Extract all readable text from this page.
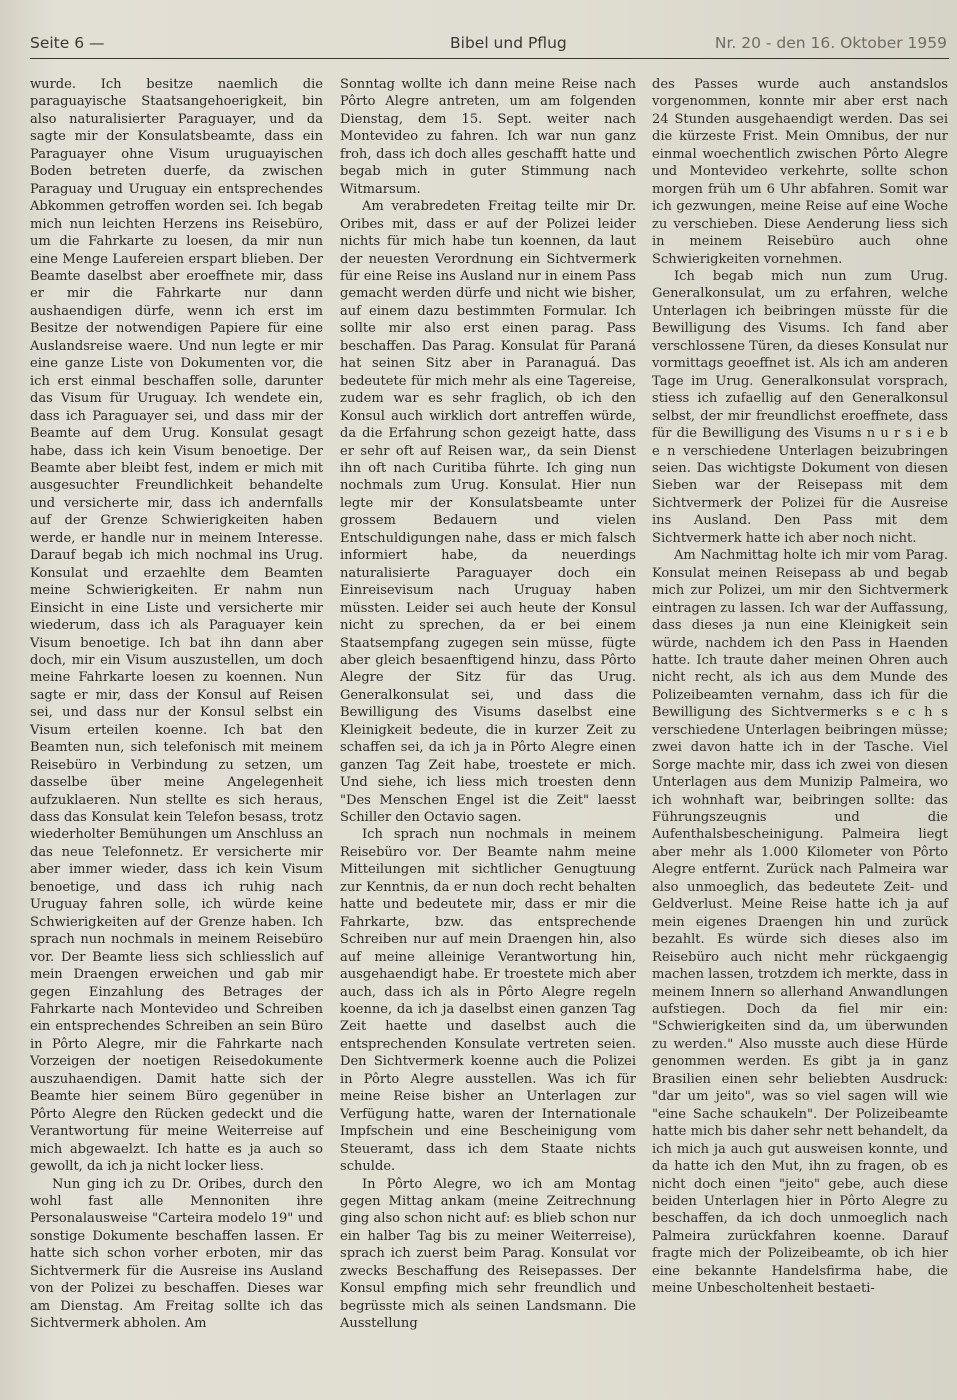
Seite 6 —	Bibel und Pflug	Nr. 20 - den 16. Oktober 1959

wurde. Ich besitze naemlich die paraguayische Staatsangehoerigkeit, bin also naturalisierter Paraguayer, und da sagte mir der Konsulatsbeamte, dass ein Paraguayer ohne Visum uruguayischen Boden betreten duerfe, da zwischen Paraguay und Uruguay ein entsprechendes Abkommen getroffen worden sei. Ich begab mich nun leichten Herzens ins Reisebüro, um die Fahrkarte zu loesen, da mir nun eine Menge Laufereien erspart blieben. Der Beamte daselbst aber eroeffnete mir, dass er mir die Fahrkarte nur dann aushaendigen dürfe, wenn ich erst im Besitze der notwendigen Papiere für eine Auslandsreise waere. Und nun legte er mir eine ganze Liste von Dokumenten vor, die ich erst einmal beschaffen solle, darunter das Visum für Uruguay. Ich wendete ein, dass ich Paraguayer sei, und dass mir der Beamte auf dem Urug. Konsulat gesagt habe, dass ich kein Visum benoetige. Der Beamte aber bleibt fest, indem er mich mit ausgesuchter Freundlichkeit behandelte und versicherte mir, dass ich andernfalls auf der Grenze Schwierigkeiten haben werde, er handle nur in meinem Interesse. Darauf begab ich mich nochmal ins Urug. Konsulat und erzaehlte dem Beamten meine Schwierigkeiten. Er nahm nun Einsicht in eine Liste und versicherte mir wiederum, dass ich als Paraguayer kein Visum benoetige. Ich bat ihn dann aber doch, mir ein Visum auszustellen, um doch meine Fahrkarte loesen zu koennen. Nun sagte er mir, dass der Konsul auf Reisen sei, und dass nur der Konsul selbst ein Visum erteilen koenne. Ich bat den Beamten nun, sich telefonisch mit meinem Reisebüro in Verbindung zu setzen, um dasselbe über meine Angelegenheit aufzuklaeren. Nun stellte es sich heraus, dass das Konsulat kein Telefon besass, trotz wiederholter Bemühungen um Anschluss an das neue Telefonnetz. Er versicherte mir aber immer wieder, dass ich kein Visum benoetige, und dass ich ruhig nach Uruguay fahren solle, ich würde keine Schwierigkeiten auf der Grenze haben. Ich sprach nun nochmals in meinem Reisebüro vor. Der Beamte liess sich schliesslich auf mein Draengen erweichen und gab mir gegen Einzahlung des Betrages der Fahrkarte nach Montevideo und Schreiben ein entsprechendes Schreiben an sein Büro in Pôrto Alegre, mir die Fahrkarte nach Vorzeigen der noetigen Reisedokumente auszuhaendigen. Damit hatte sich der Beamte hier seinem Büro gegenüber in Pôrto Alegre den Rücken gedeckt und die Verantwortung für meine Weiterreise auf mich abgewaelzt. Ich hatte es ja auch so gewollt, da ich ja nicht locker liess.

Nun ging ich zu Dr. Oribes, durch den wohl fast alle Mennoniten ihre Personalausweise "Carteira modelo 19" und sonstige Dokumente beschaffen lassen. Er hatte sich schon vorher erboten, mir das Sichtvermerk für die Ausreise ins Ausland von der Polizei zu beschaffen. Dieses war am Dienstag. Am Freitag sollte ich das Sichtvermerk abholen. Am

Sonntag wollte ich dann meine Reise nach Pôrto Alegre antreten, um am folgenden Dienstag, dem 15. Sept. weiter nach Montevideo zu fahren. Ich war nun ganz froh, dass ich doch alles geschafft hatte und begab mich in guter Stimmung nach Witmarsum.

Am verabredeten Freitag teilte mir Dr. Oribes mit, dass er auf der Polizei leider nichts für mich habe tun koennen, da laut der neuesten Verordnung ein Sichtvermerk für eine Reise ins Ausland nur in einem Pass gemacht werden dürfe und nicht wie bisher, auf einem dazu bestimmten Formular. Ich sollte mir also erst einen parag. Pass beschaffen. Das Parag. Konsulat für Paraná hat seinen Sitz aber in Paranaguá. Das bedeutete für mich mehr als eine Tagereise, zudem war es sehr fraglich, ob ich den Konsul auch wirklich dort antreffen würde, da die Erfahrung schon gezeigt hatte, dass er sehr oft auf Reisen war,, da sein Dienst ihn oft nach Curitiba führte. Ich ging nun nochmals zum Urug. Konsulat. Hier nun legte mir der Konsulatsbeamte unter grossem Bedauern und vielen Entschuldigungen nahe, dass er mich falsch informiert habe, da neuerdings naturalisierte Paraguayer doch ein Einreisevisum nach Uruguay haben müssten. Leider sei auch heute der Konsul nicht zu sprechen, da er bei einem Staatsempfang zugegen sein müsse, fügte aber gleich besaenftigend hinzu, dass Pôrto Alegre der Sitz für das Urug. Generalkonsulat sei, und dass die Bewilligung des Visums daselbst eine Kleinigkeit bedeute, die in kurzer Zeit zu schaffen sei, da ich ja in Pôrto Alegre einen ganzen Tag Zeit habe, troestete er mich. Und siehe, ich liess mich troesten denn "Des Menschen Engel ist die Zeit" laesst Schiller den Octavio sagen.

Ich sprach nun nochmals in meinem Reisebüro vor. Der Beamte nahm meine Mitteilungen mit sichtlicher Genugtuung zur Kenntnis, da er nun doch recht behalten hatte und bedeutete mir, dass er mir die Fahrkarte, bzw. das entsprechende Schreiben nur auf mein Draengen hin, also auf meine alleinige Verantwortung hin, ausgehaendigt habe. Er troestete mich aber auch, dass ich als in Pôrto Alegre regeln koenne, da ich ja daselbst einen ganzen Tag Zeit haette und daselbst auch die entsprechenden Konsulate vertreten seien. Den Sichtvermerk koenne auch die Polizei in Pôrto Alegre ausstellen. Was ich für meine Reise bisher an Unterlagen zur Verfügung hatte, waren der Internationale Impfschein und eine Bescheinigung vom Steueramt, dass ich dem Staate nichts schulde.

In Pôrto Alegre, wo ich am Montag gegen Mittag ankam (meine Zeitrechnung ging also schon nicht auf: es blieb schon nur ein halber Tag bis zu meiner Weiterreise), sprach ich zuerst beim Parag. Konsulat vor zwecks Beschaffung des Reisepasses. Der Konsul empfing mich sehr freundlich und begrüsste mich als seinen Landsmann. Die Ausstellung

des Passes wurde auch anstandslos vorgenommen, konnte mir aber erst nach 24 Stunden ausgehaendigt werden. Das sei die kürzeste Frist. Mein Omnibus, der nur einmal woechentlich zwischen Pôrto Alegre und Montevideo verkehrte, sollte schon morgen früh um 6 Uhr abfahren. Somit war ich gezwungen, meine Reise auf eine Woche zu verschieben. Diese Aenderung liess sich in meinem Reisebüro auch ohne Schwierigkeiten vornehmen.

Ich begab mich nun zum Urug. Generalkonsulat, um zu erfahren, welche Unterlagen ich beibringen müsste für die Bewilligung des Visums. Ich fand aber verschlossene Türen, da dieses Konsulat nur vormittags geoeffnet ist. Als ich am anderen Tage im Urug. Generalkonsulat vorsprach, stiess ich zufaellig auf den Generalkonsul selbst, der mir freundlichst eroeffnete, dass für die Bewilligung des Visums n u r s i e b e n verschiedene Unterlagen beizubringen seien. Das wichtigste Dokument von diesen Sieben war der Reisepass mit dem Sichtvermerk der Polizei für die Ausreise ins Ausland. Den Pass mit dem Sichtvermerk hatte ich aber noch nicht.

Am Nachmittag holte ich mir vom Parag. Konsulat meinen Reisepass ab und begab mich zur Polizei, um mir den Sichtvermerk eintragen zu lassen. Ich war der Auffassung, dass dieses ja nun eine Kleinigkeit sein würde, nachdem ich den Pass in Haenden hatte. Ich traute daher meinen Ohren auch nicht recht, als ich aus dem Munde des Polizeibeamten vernahm, dass ich für die Bewilligung des Sichtvermerks s e c h s verschiedene Unterlagen beibringen müsse; zwei davon hatte ich in der Tasche. Viel Sorge machte mir, dass ich zwei von diesen Unterlagen aus dem Munizip Palmeira, wo ich wohnhaft war, beibringen sollte: das Führungszeugnis und die Aufenthalsbescheinigung. Palmeira liegt aber mehr als 1.000 Kilometer von Pôrto Alegre entfernt. Zurück nach Palmeira war also unmoeglich, das bedeutete Zeit- und Geldverlust. Meine Reise hatte ich ja auf mein eigenes Draengen hin und zurück bezahlt. Es würde sich dieses also im Reisebüro auch nicht mehr rückgaengig machen lassen, trotzdem ich merkte, dass in meinem Innern so allerhand Anwandlungen aufstiegen. Doch da fiel mir ein: "Schwierigkeiten sind da, um überwunden zu werden." Also musste auch diese Hürde genommen werden. Es gibt ja in ganz Brasilien einen sehr beliebten Ausdruck: "dar um jeito", was so viel sagen will wie "eine Sache schaukeln". Der Polizeibeamte hatte mich bis daher sehr nett behandelt, da ich mich ja auch gut ausweisen konnte, und da hatte ich den Mut, ihn zu fragen, ob es nicht doch einen "jeito" gebe, auch diese beiden Unterlagen hier in Pôrto Alegre zu beschaffen, da ich doch unmoeglich nach Palmeira zurückfahren koenne. Darauf fragte mich der Polizeibeamte, ob ich hier eine bekannte Handelsfirma habe, die meine Unbescholtenheit bestaeti-
